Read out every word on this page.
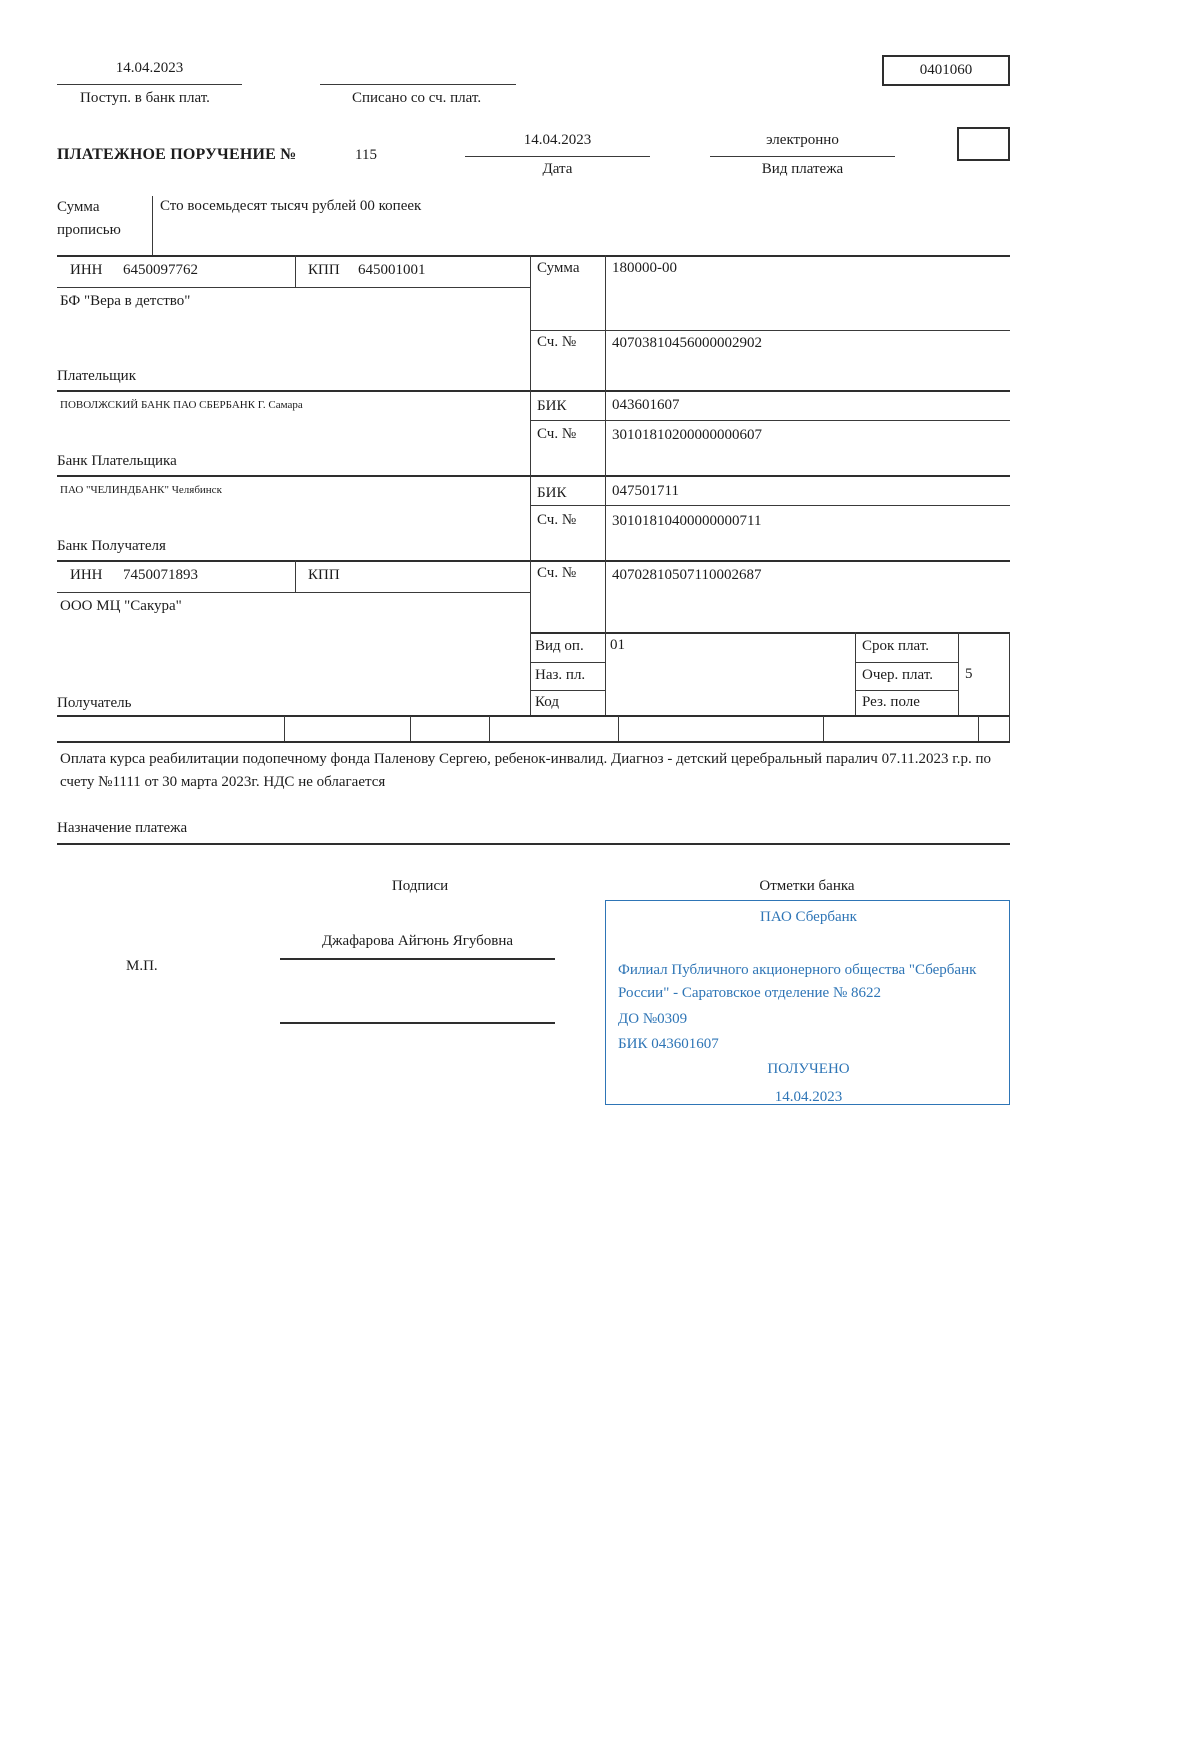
14.04.2023
Поступ. в банк плат.	Списано со сч. плат.
0401060
ПЛАТЕЖНОЕ ПОРУЧЕНИЕ №	115
14.04.2023
Дата
электронно
Вид платежа
Сумма прописью
Сто восемьдесят тысяч рублей 00 копеек
ИНН 6450097762	КПП 645001001	Сумма 180000-00
БФ "Вера в детство"
Сч. № 40703810456000002902
Плательщик
ПОВОЛЖСКИЙ БАНК ПАО СБЕРБАНК Г. Самара	БИК	043601607
Сч. № 30101810200000000607
Банк Плательщика
ПАО "ЧЕЛИНДБАНК" Челябинск	БИК	047501711
Сч. № 30101810400000000711
Банк Получателя
ИНН 7450071893	КПП	Сч. № 40702810507110002687
ООО МЦ "Сакура"
Вид оп. 01	Срок плат.
Наз. пл.	Очер. плат. 5
Код	Рез. поле
Получатель
Оплата курса реабилитации подопечному фонда Паленову Сергею, ребенок-инвалид. Диагноз - детский церебральный паралич 07.11.2023 г.р. по счету №1111 от 30 марта 2023г. НДС не облагается
Назначение платежа
Подписи	Отметки банка
Джафарова Айгюнь Ягубовна
М.П.
ПАО Сбербанк
Филиал Публичного акционерного общества "Сбербанк России" - Саратовское отделение № 8622
ДО №0309
БИК 043601607
ПОЛУЧЕНО
14.04.2023
